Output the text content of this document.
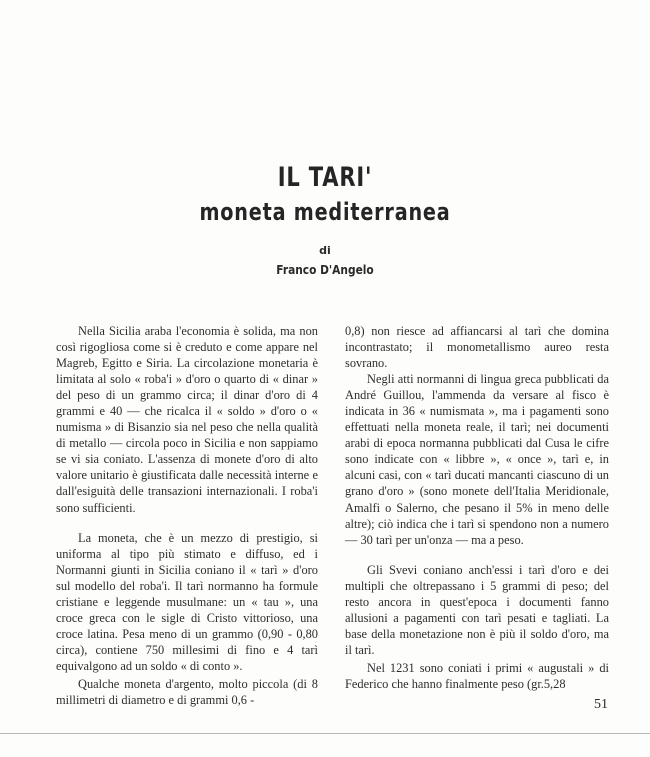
IL TARI'
moneta mediterranea
di
Franco D'Angelo

Nella Sicilia araba l'economia è solida, ma non così rigogliosa come si è creduto e come appare nel Magreb, Egitto e Siria. La circolazione monetaria è limitata al solo « roba'i » d'oro o quarto di « dinar » del peso di un grammo circa; il dinar d'oro di 4 grammi e 40 — che ricalca il « soldo » d'oro o « numisma » di Bisanzio sia nel peso che nella qualità di metallo — circola poco in Sicilia e non sappiamo se vi sia coniato. L'assenza di monete d'oro di alto valore unitario è giustificata dalle necessità interne e dall'esiguità delle transazioni internazionali. I roba'i sono sufficienti.

La moneta, che è un mezzo di prestigio, si uniforma al tipo più stimato e diffuso, ed i Normanni giunti in Sicilia coniano il « tarì » d'oro sul modello del roba'i. Il tarì normanno ha formule cristiane e leggende musulmane: un « tau », una croce greca con le sigle di Cristo vittorioso, una croce latina. Pesa meno di un grammo (0,90 - 0,80 circa), contiene 750 millesimi di fino e 4 tarì equivalgono ad un soldo « di conto ».

Qualche moneta d'argento, molto piccola (di 8 millimetri di diametro e di grammi 0,6 -

0,8) non riesce ad affiancarsi al tarì che domina incontrastato; il monometallismo aureo resta sovrano.

Negli atti normanni di lingua greca pubblicati da André Guillou, l'ammenda da versare al fisco è indicata in 36 « numismata », ma i pagamenti sono effettuati nella moneta reale, il tarì; nei documenti arabi di epoca normanna pubblicati dal Cusa le cifre sono indicate con « libbre », « once », tarì e, in alcuni casi, con « tarì ducati mancanti ciascuno di un grano d'oro » (sono monete dell'Italia Meridionale, Amalfi o Salerno, che pesano il 5% in meno delle altre); ciò indica che i tarì si spendono non a numero — 30 tarì per un'onza — ma a peso.

Gli Svevi coniano anch'essi i tarì d'oro e dei multipli che oltrepassano i 5 grammi di peso; del resto ancora in quest'epoca i documenti fanno allusioni a pagamenti con tarì pesati e tagliati. La base della monetazione non è più il soldo d'oro, ma il tarì.

Nel 1231 sono coniati i primi « augustali » di Federico che hanno finalmente peso (gr.5,28

51
